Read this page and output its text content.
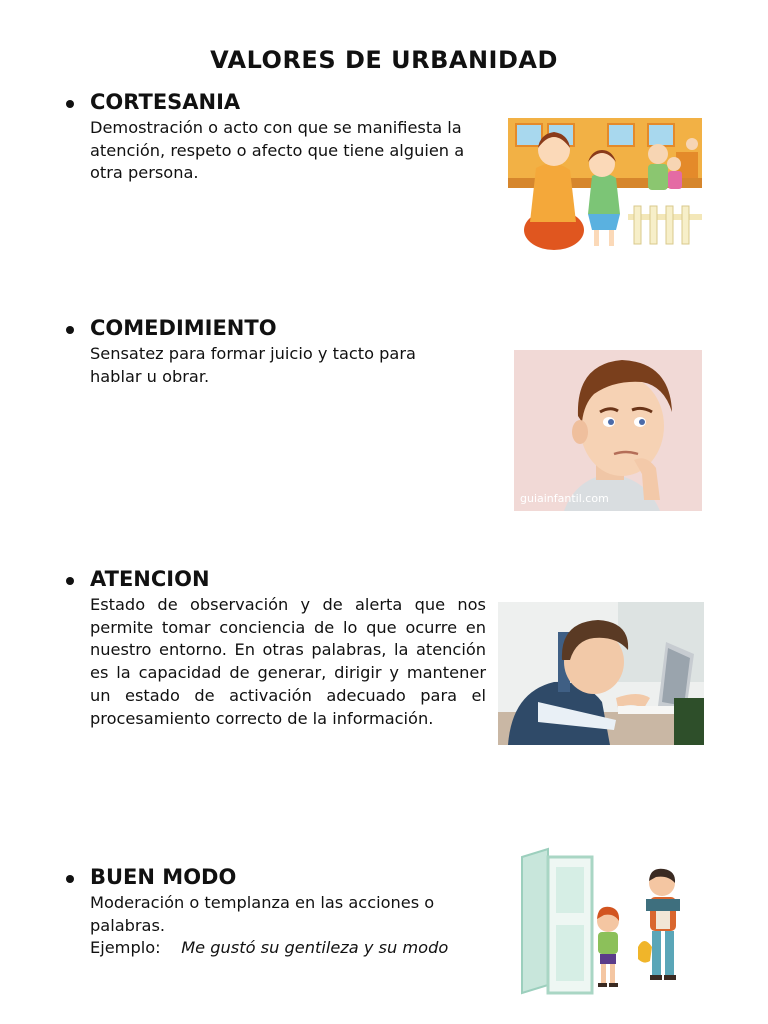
VALORES DE URBANIDAD
CORTESANIA
Demostración o acto con que se manifiesta la atención, respeto o afecto que tiene alguien a otra persona.
COMEDIMIENTO
Sensatez para formar juicio y tacto para hablar u obrar.
guiainfantil.com
ATENCION
Estado de observación y de alerta que nos permite tomar conciencia de lo que ocurre en nuestro entorno. En otras palabras, la atención es la capacidad de generar, dirigir y mantener un estado de activación adecuado para el procesamiento correcto de la información.
BUEN MODO
Moderación o templanza en las acciones o palabras.
Ejemplo: Me gustó su gentileza y su modo
